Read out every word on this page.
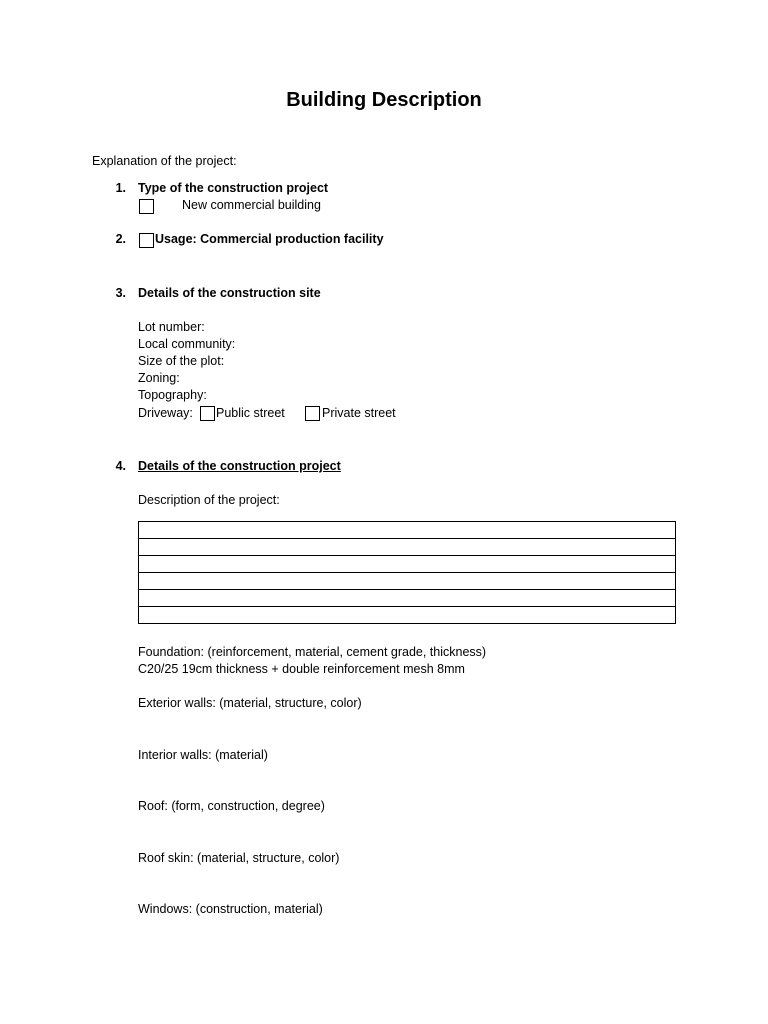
Building Description
Explanation of the project:
1. Type of the construction project
New commercial building
2. Usage: Commercial production facility
3. Details of the construction site
Lot number:
Local community:
Size of the plot:
Zoning:
Topography:
Driveway: Public street	Private street
4. Details of the construction project
Description of the project:

Foundation: (reinforcement, material, cement grade, thickness)
C20/25 19cm thickness + double reinforcement mesh 8mm
Exterior walls: (material, structure, color)
Interior walls: (material)
Roof: (form, construction, degree)
Roof skin: (material, structure, color)
Windows: (construction, material)
